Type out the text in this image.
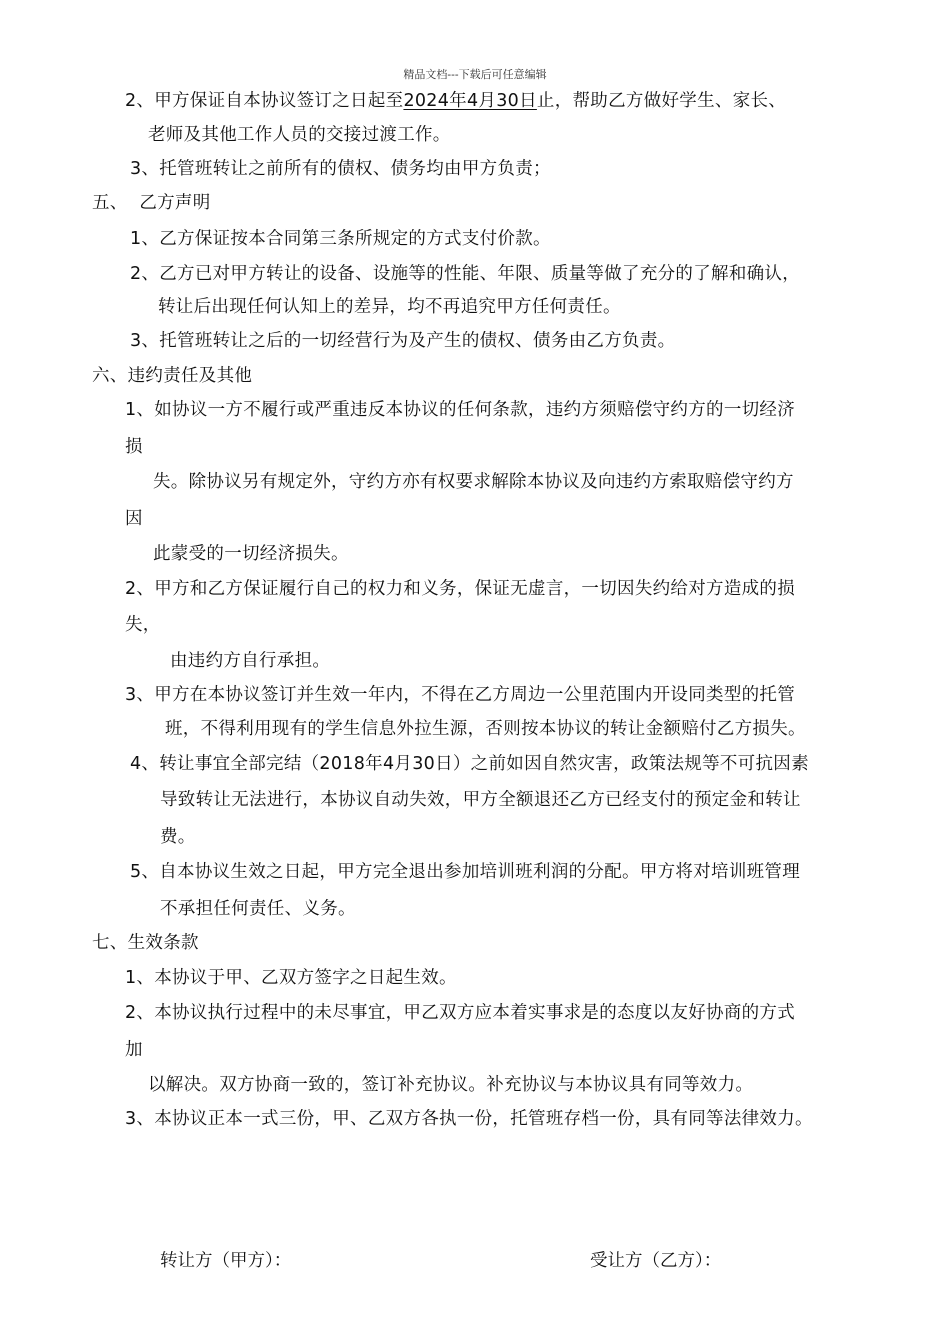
精品文档---下载后可任意编辑
2、甲方保证自本协议签订之日起至2024年4月30日止，帮助乙方做好学生、家长、
老师及其他工作人员的交接过渡工作。
3、托管班转让之前所有的债权、债务均由甲方负责；
五、  乙方声明
1、乙方保证按本合同第三条所规定的方式支付价款。
2、乙方已对甲方转让的设备、设施等的性能、年限、质量等做了充分的了解和确认，
转让后出现任何认知上的差异，均不再追究甲方任何责任。
3、托管班转让之后的一切经营行为及产生的债权、债务由乙方负责。
六、违约责任及其他
1、如协议一方不履行或严重违反本协议的任何条款，违约方须赔偿守约方的一切经济
损
失。除协议另有规定外，守约方亦有权要求解除本协议及向违约方索取赔偿守约方
因
此蒙受的一切经济损失。
2、甲方和乙方保证履行自己的权力和义务，保证无虚言，一切因失约给对方造成的损
失，
由违约方自行承担。
3、甲方在本协议签订并生效一年内，不得在乙方周边一公里范围内开设同类型的托管
班，不得利用现有的学生信息外拉生源，否则按本协议的转让金额赔付乙方损失。
4、转让事宜全部完结（2018年4月30日）之前如因自然灾害，政策法规等不可抗因素
导致转让无法进行，本协议自动失效，甲方全额退还乙方已经支付的预定金和转让
费。
5、自本协议生效之日起，甲方完全退出参加培训班利润的分配。甲方将对培训班管理
不承担任何责任、义务。
七、生效条款
1、本协议于甲、乙双方签字之日起生效。
2、本协议执行过程中的未尽事宜，甲乙双方应本着实事求是的态度以友好协商的方式
加
以解决。双方协商一致的，签订补充协议。补充协议与本协议具有同等效力。
3、本协议正本一式三份，甲、乙双方各执一份，托管班存档一份，具有同等法律效力。
转让方（甲方）：	受让方（乙方）：
